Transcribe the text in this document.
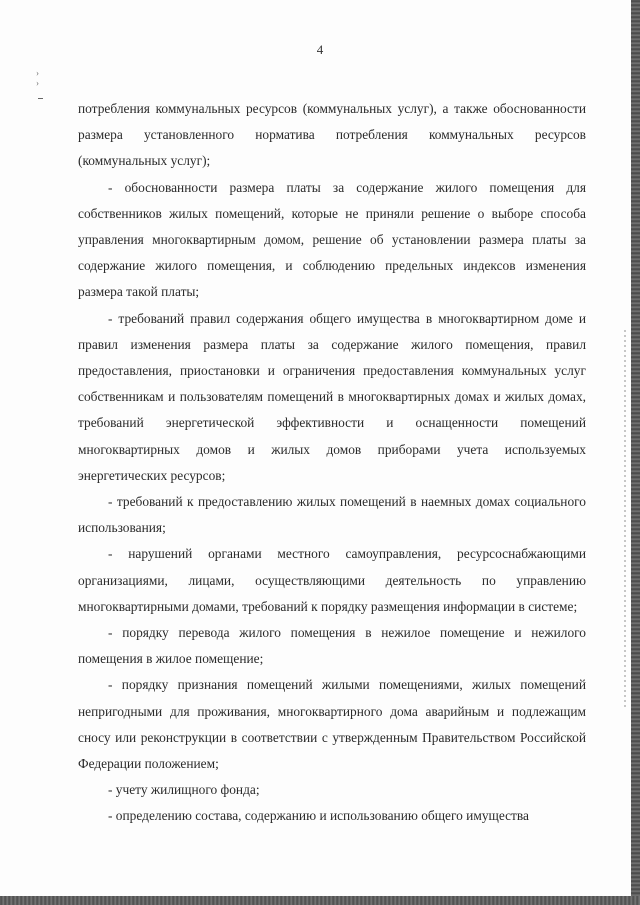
›
›
4

потребления коммунальных ресурсов (коммунальных услуг), а также обоснованности размера установленного норматива потребления коммунальных ресурсов (коммунальных услуг);

- обоснованности размера платы за содержание жилого помещения для собственников жилых помещений, которые не приняли решение о выборе способа управления многоквартирным домом, решение об установлении размера платы за содержание жилого помещения, и соблюдению предельных индексов изменения размера такой платы;

- требований правил содержания общего имущества в многоквартирном доме и правил изменения размера платы за содержание жилого помещения, правил предоставления, приостановки и ограничения предоставления коммунальных услуг собственникам и пользователям помещений в многоквартирных домах и жилых домах, требований энергетической эффективности и оснащенности помещений многоквартирных домов и жилых домов приборами учета используемых энергетических ресурсов;

- требований к предоставлению жилых помещений в наемных домах социального использования;

- нарушений органами местного самоуправления, ресурсоснабжающими организациями, лицами, осуществляющими деятельность по управлению многоквартирными домами, требований к порядку размещения информации в системе;

- порядку перевода жилого помещения в нежилое помещение и нежилого помещения в жилое помещение;

- порядку признания помещений жилыми помещениями, жилых помещений непригодными для проживания, многоквартирного дома аварийным и подлежащим сносу или реконструкции в соответствии с утвержденным Правительством Российской Федерации положением;

- учету жилищного фонда;

- определению состава, содержанию и использованию общего имущества
